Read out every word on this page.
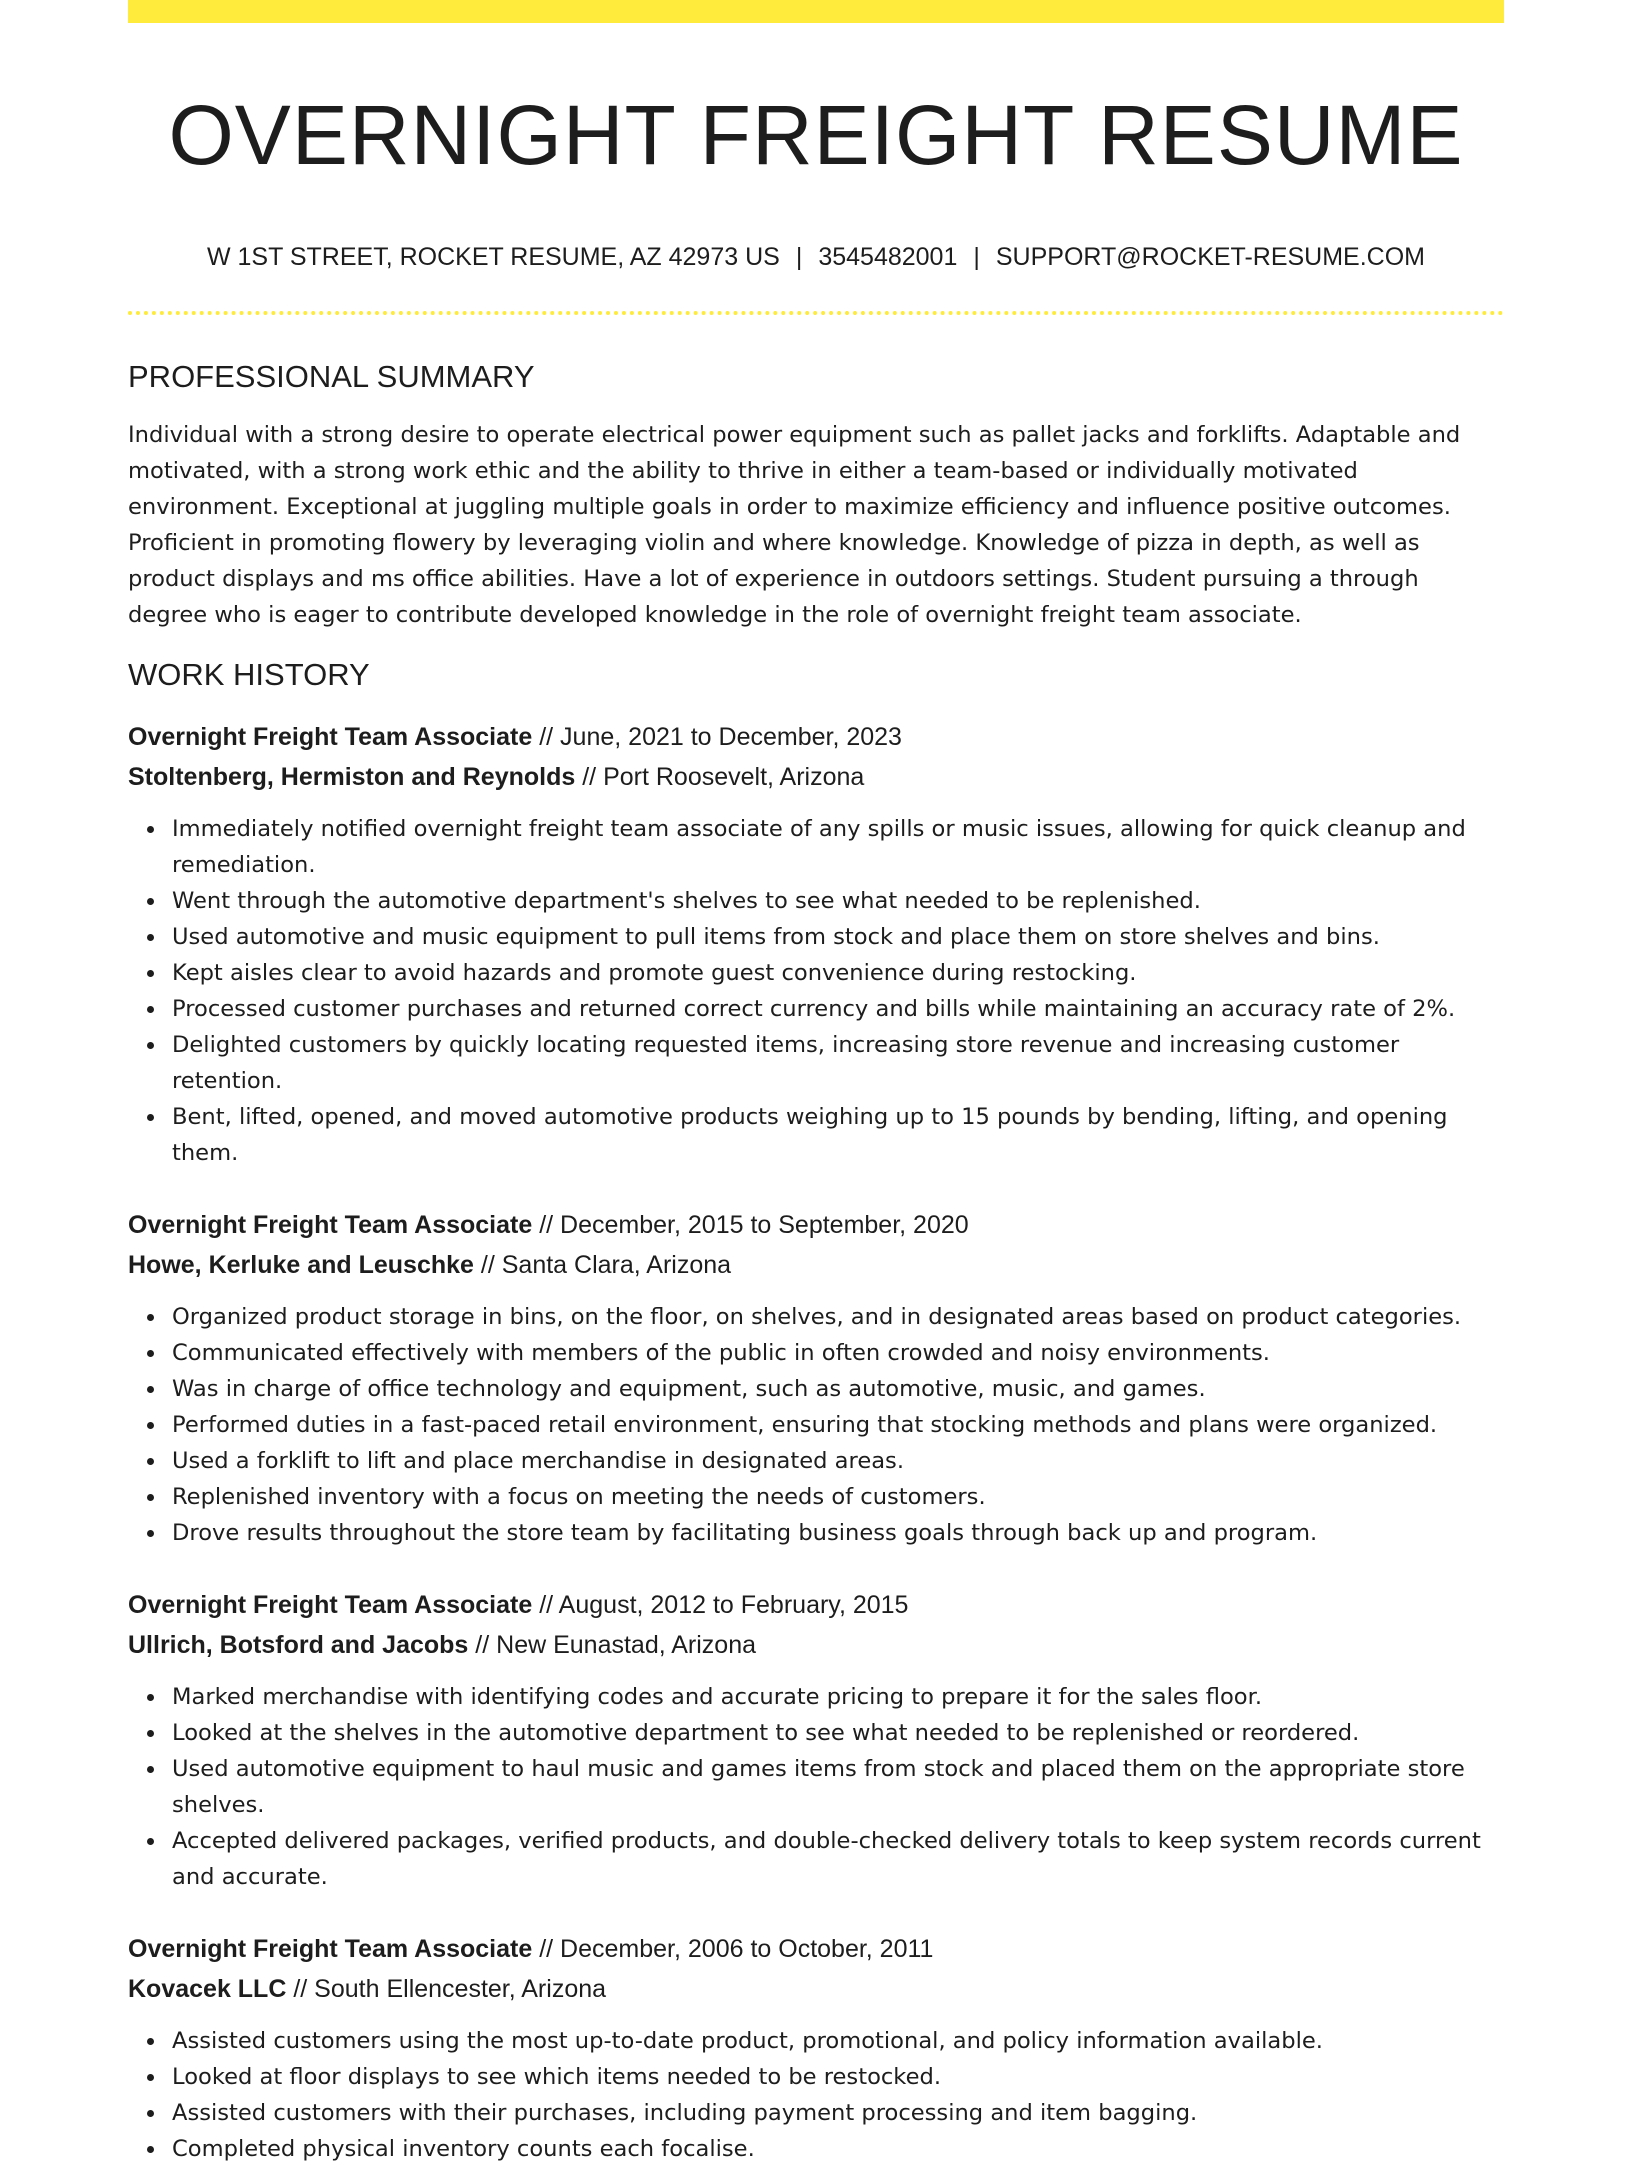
OVERNIGHT FREIGHT RESUME
W 1ST STREET, ROCKET RESUME, AZ 42973 US | 3545482001 | SUPPORT@ROCKET-RESUME.COM
PROFESSIONAL SUMMARY

Individual with a strong desire to operate electrical power equipment such as pallet jacks and forklifts. Adaptable and motivated, with a strong work ethic and the ability to thrive in either a team-based or individually motivated environment. Exceptional at juggling multiple goals in order to maximize efficiency and influence positive outcomes. Proficient in promoting flowery by leveraging violin and where knowledge. Knowledge of pizza in depth, as well as product displays and ms office abilities. Have a lot of experience in outdoors settings. Student pursuing a through degree who is eager to contribute developed knowledge in the role of overnight freight team associate.

WORK HISTORY
Overnight Freight Team Associate // June, 2021 to December, 2023
Stoltenberg, Hermiston and Reynolds // Port Roosevelt, Arizona
Immediately notified overnight freight team associate of any spills or music issues, allowing for quick cleanup and remediation.
Went through the automotive department's shelves to see what needed to be replenished.
Used automotive and music equipment to pull items from stock and place them on store shelves and bins.
Kept aisles clear to avoid hazards and promote guest convenience during restocking.
Processed customer purchases and returned correct currency and bills while maintaining an accuracy rate of 2%.
Delighted customers by quickly locating requested items, increasing store revenue and increasing customer retention.
Bent, lifted, opened, and moved automotive products weighing up to 15 pounds by bending, lifting, and opening them.
Overnight Freight Team Associate // December, 2015 to September, 2020
Howe, Kerluke and Leuschke // Santa Clara, Arizona
Organized product storage in bins, on the floor, on shelves, and in designated areas based on product categories.
Communicated effectively with members of the public in often crowded and noisy environments.
Was in charge of office technology and equipment, such as automotive, music, and games.
Performed duties in a fast-paced retail environment, ensuring that stocking methods and plans were organized.
Used a forklift to lift and place merchandise in designated areas.
Replenished inventory with a focus on meeting the needs of customers.
Drove results throughout the store team by facilitating business goals through back up and program.
Overnight Freight Team Associate // August, 2012 to February, 2015
Ullrich, Botsford and Jacobs // New Eunastad, Arizona
Marked merchandise with identifying codes and accurate pricing to prepare it for the sales floor.
Looked at the shelves in the automotive department to see what needed to be replenished or reordered.
Used automotive equipment to haul music and games items from stock and placed them on the appropriate store shelves.
Accepted delivered packages, verified products, and double-checked delivery totals to keep system records current and accurate.
Overnight Freight Team Associate // December, 2006 to October, 2011
Kovacek LLC // South Ellencester, Arizona
Assisted customers using the most up-to-date product, promotional, and policy information available.
Looked at floor displays to see which items needed to be restocked.
Assisted customers with their purchases, including payment processing and item bagging.
Completed physical inventory counts each focalise.
